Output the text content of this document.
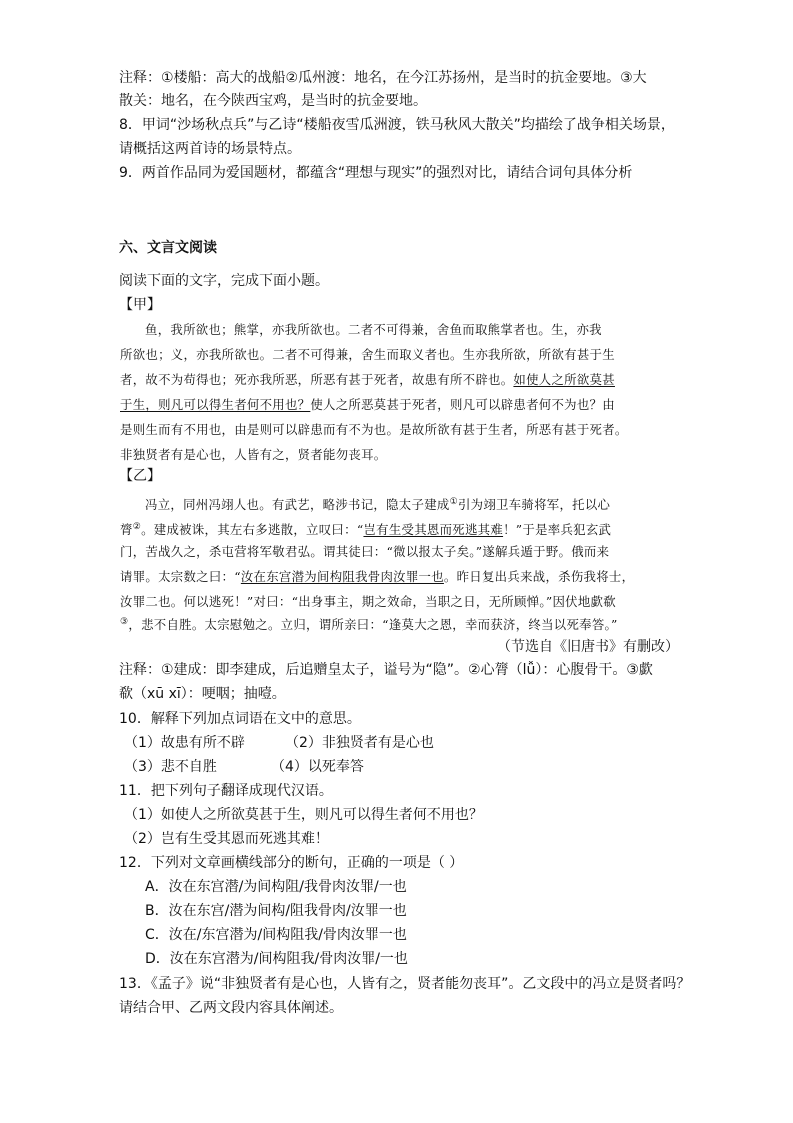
注释：①楼船：高大的战船②瓜州渡：地名，在今江苏扬州，是当时的抗金要地。③大
散关：地名，在今陕西宝鸡，是当时的抗金要地。
8．甲词“沙场秋点兵”与乙诗“楼船夜雪瓜洲渡，铁马秋风大散关”均描绘了战争相关场景，
请概括这两首诗的场景特点。
9．两首作品同为爱国题材，都蕴含“理想与现实”的强烈对比，请结合词句具体分析
六、文言文阅读
阅读下面的文字，完成下面小题。
【甲】
鱼，我所欲也；熊掌，亦我所欲也。二者不可得兼，舍鱼而取熊掌者也。生，亦我
所欲也；义，亦我所欲也。二者不可得兼，舍生而取义者也。生亦我所欲，所欲有甚于生
者，故不为苟得也；死亦我所恶，所恶有甚于死者，故患有所不辟也。如使人之所欲莫甚
于生，则凡可以得生者何不用也？使人之所恶莫甚于死者，则凡可以辟患者何不为也？由
是则生而有不用也，由是则可以辟患而有不为也。是故所欲有甚于生者，所恶有甚于死者。
非独贤者有是心也，人皆有之，贤者能勿丧耳。
【乙】
冯立，同州冯翊人也。有武艺，略涉书记，隐太子建成①引为翊卫车骑将军，托以心
膂②。建成被诛，其左右多逃散，立叹曰：“岂有生受其恩而死逃其难！”于是率兵犯玄武
门，苦战久之，杀屯营将军敬君弘。谓其徒曰：“微以报太子矣。”遂解兵遁于野。俄而来
请罪。太宗数之曰：“汝在东宫潜为间构阻我骨肉汝罪一也。昨日复出兵来战，杀伤我将士，
汝罪二也。何以逃死！”对曰：“出身事主，期之效命，当职之日，无所顾惮。”因伏地歔欷
③，悲不自胜。太宗慰勉之。立归，谓所亲曰：“逢莫大之恩，幸而获济，终当以死奉答。”
（节选自《旧唐书》有删改）
注释：①建成：即李建成，后追赠皇太子，谥号为“隐”。②心膂（lǚ）：心腹骨干。③歔
欷（xū xī）：哽咽；抽噎。
10．解释下列加点词语在文中的意思。
（1）故患有所不辟	（2）非独贤者有是心也
（3）悲不自胜	（4）以死奉答
11．把下列句子翻译成现代汉语。
（1）如使人之所欲莫甚于生，则凡可以得生者何不用也？
（2）岂有生受其恩而死逃其难！
12．下列对文章画横线部分的断句，正确的一项是（ ）
A．汝在东宫潜/为间构阻/我骨肉汝罪/一也
B．汝在东宫/潜为间构/阻我骨肉/汝罪一也
C．汝在/东宫潜为/间构阻我/骨肉汝罪一也
D．汝在东宫潜为/间构阻我/骨肉汝罪/一也
13．《孟子》说“非独贤者有是心也，人皆有之，贤者能勿丧耳”。乙文段中的冯立是贤者吗？
请结合甲、乙两文段内容具体阐述。
